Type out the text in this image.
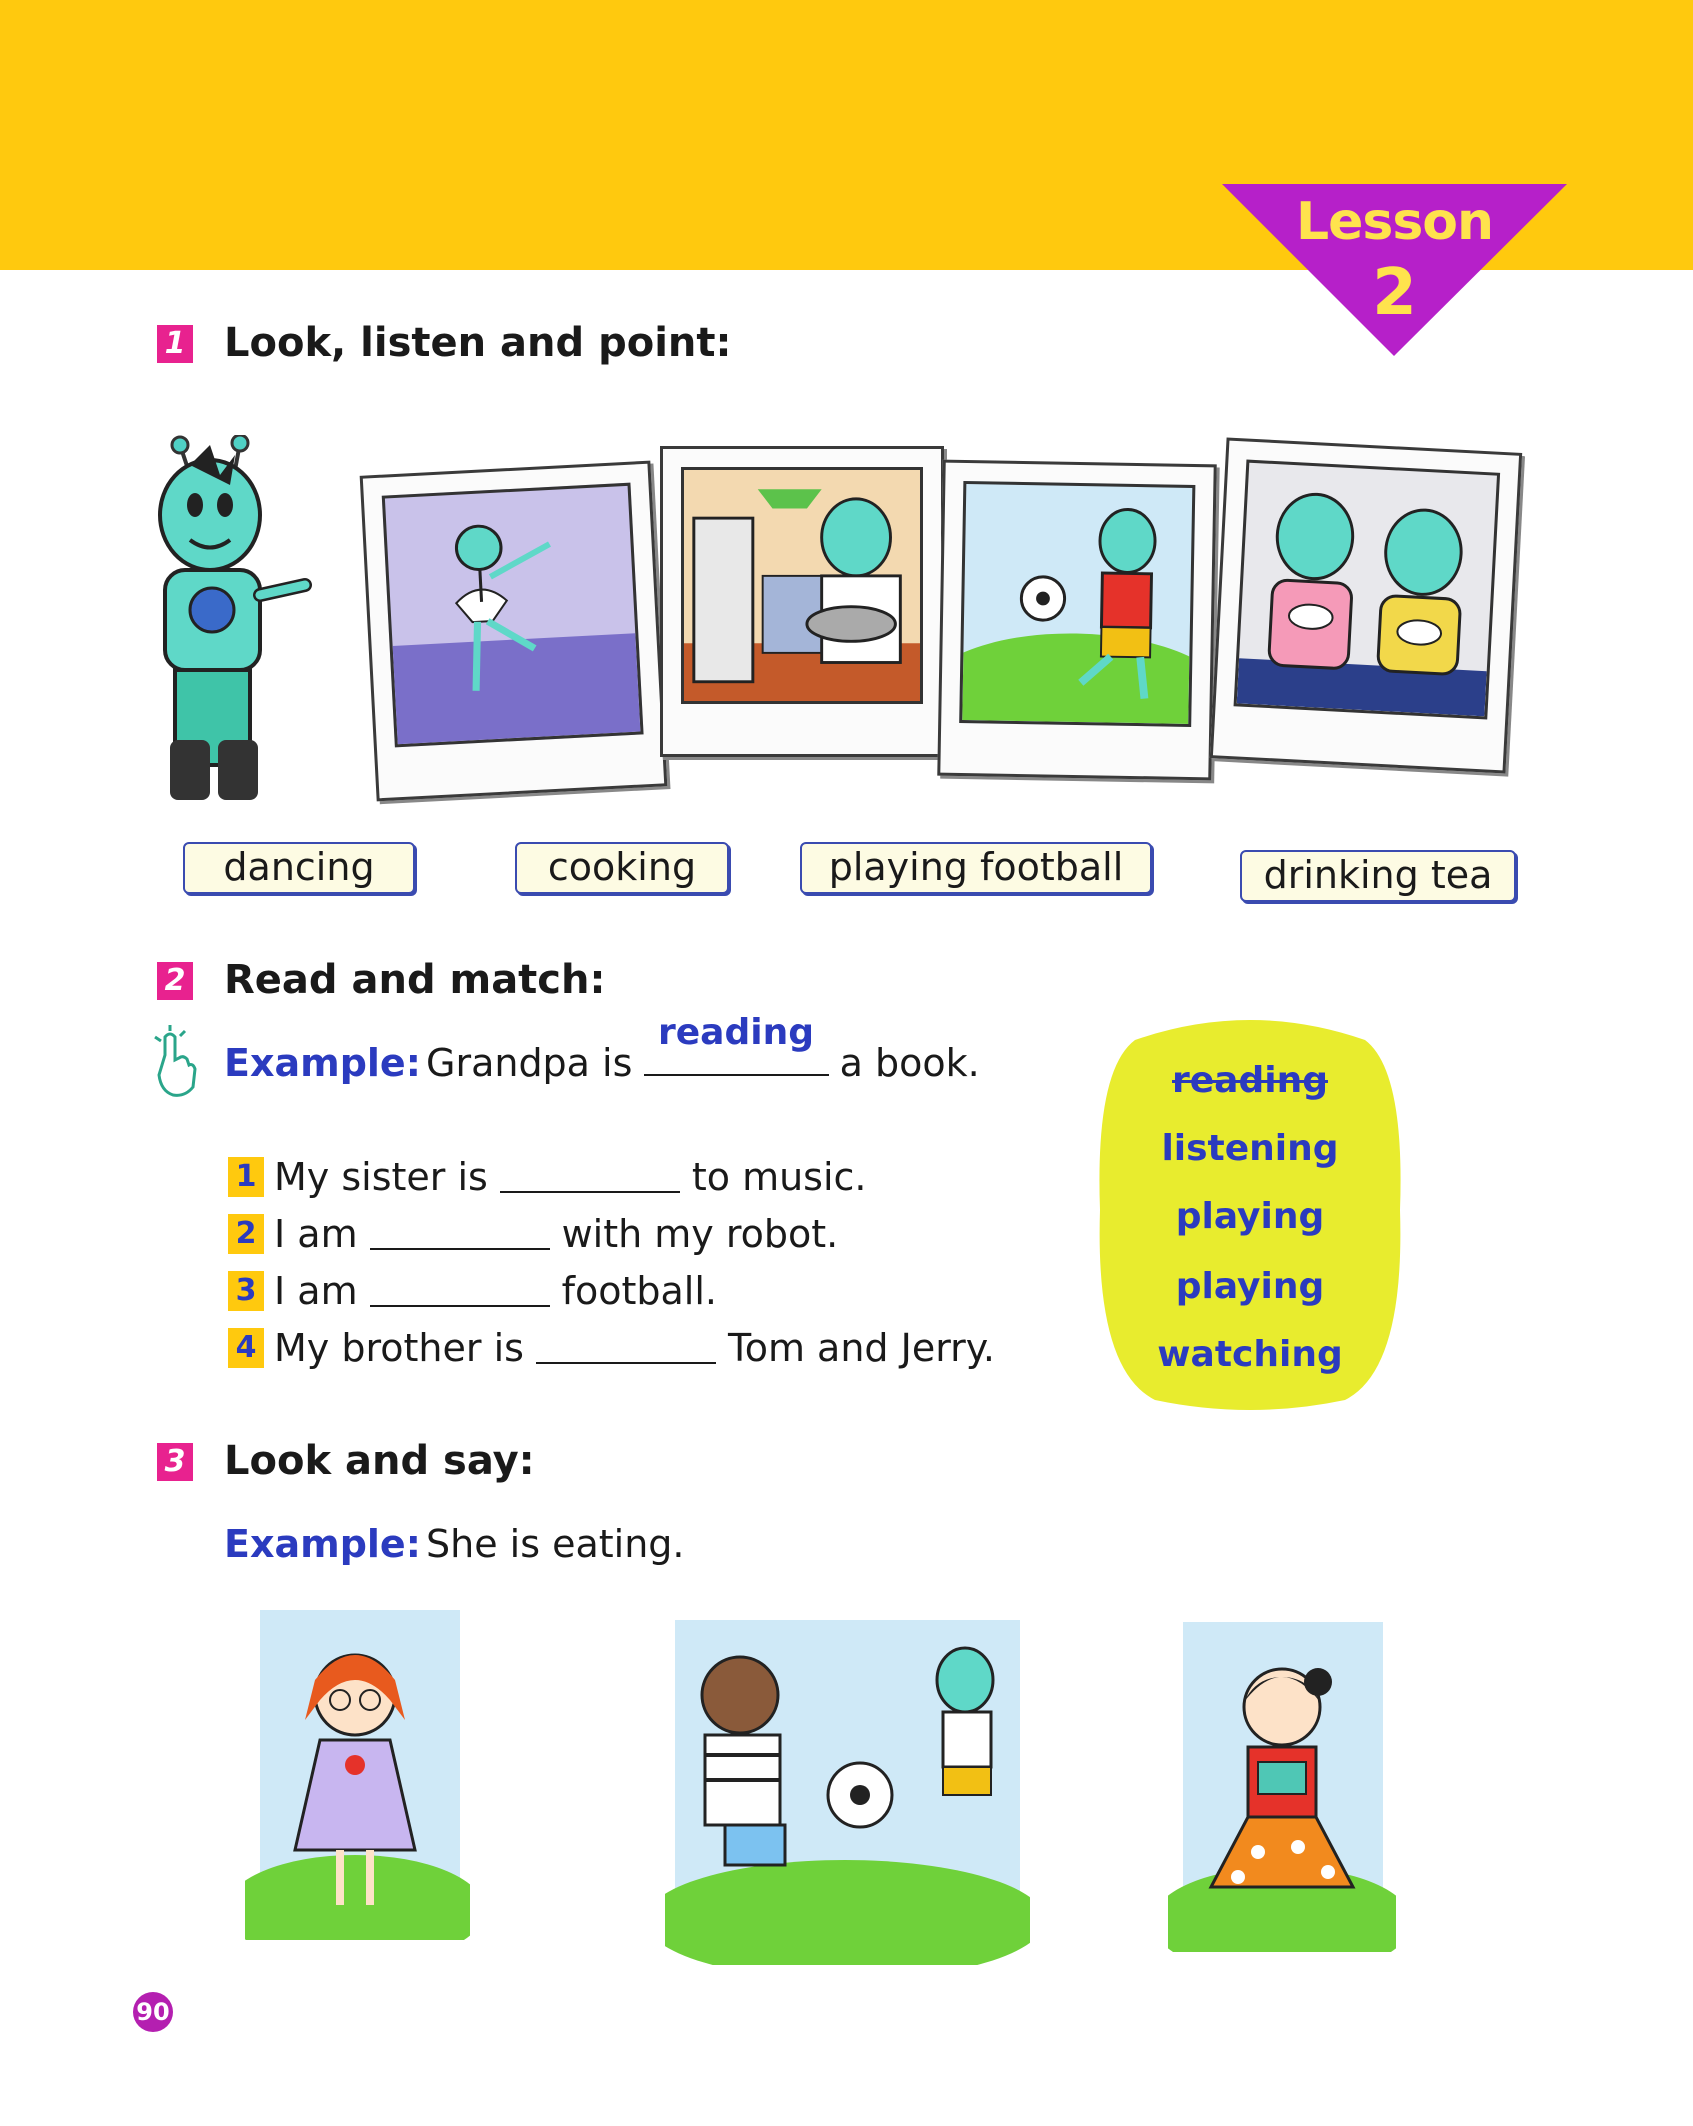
Lesson
2
1 Look, listen and point:
dancing	cooking	playing football	drinking tea
2 Read and match:
Example: Grandpa is
reading
a book.
1 My sister is	to music.
2 I am	with my robot.
3 I am	football.
4 My brother is	Tom and Jerry.
reading
listening
playing
playing
watching
3 Look and say:
Example: She is eating.
90
